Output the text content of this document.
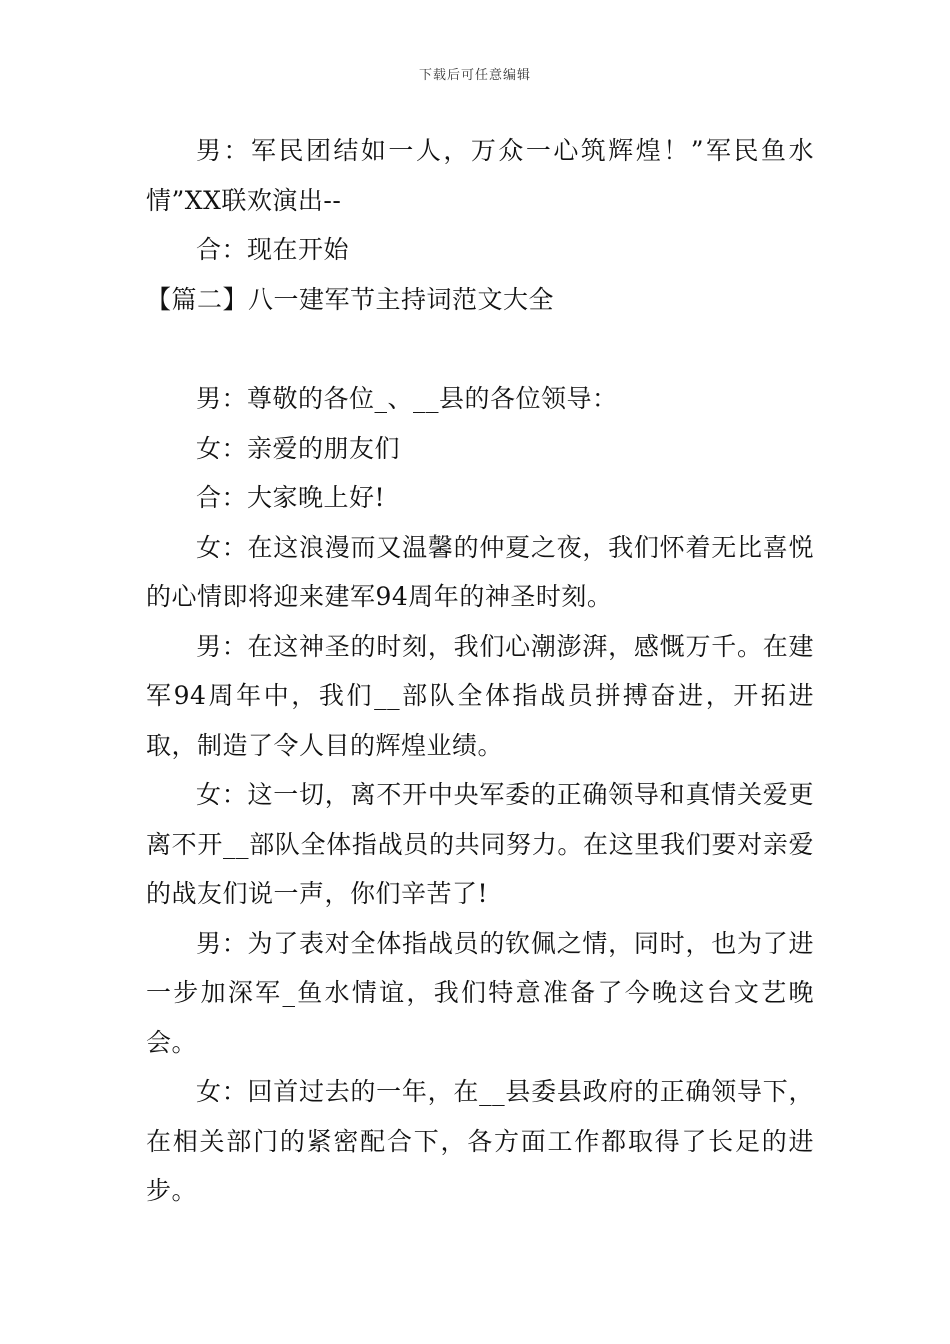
下载后可任意编辑

男：军民团结如一人，万众一心筑辉煌！”军民鱼水情”XX联欢演出--

合：现在开始

【篇二】八一建军节主持词范文大全

男：尊敬的各位_、__县的各位领导：

女：亲爱的朋友们

合：大家晚上好!

女：在这浪漫而又温馨的仲夏之夜，我们怀着无比喜悦的心情即将迎来建军94周年的神圣时刻。

男：在这神圣的时刻，我们心潮澎湃，感慨万千。在建军94周年中，我们__部队全体指战员拼搏奋进，开拓进取，制造了令人目的辉煌业绩。

女：这一切，离不开中央军委的正确领导和真情关爱更离不开__部队全体指战员的共同努力。在这里我们要对亲爱的战友们说一声，你们辛苦了!

男：为了表对全体指战员的钦佩之情，同时，也为了进一步加深军_鱼水情谊，我们特意准备了今晚这台文艺晚会。

女：回首过去的一年，在__县委县政府的正确领导下，在相关部门的紧密配合下，各方面工作都取得了长足的进步。
